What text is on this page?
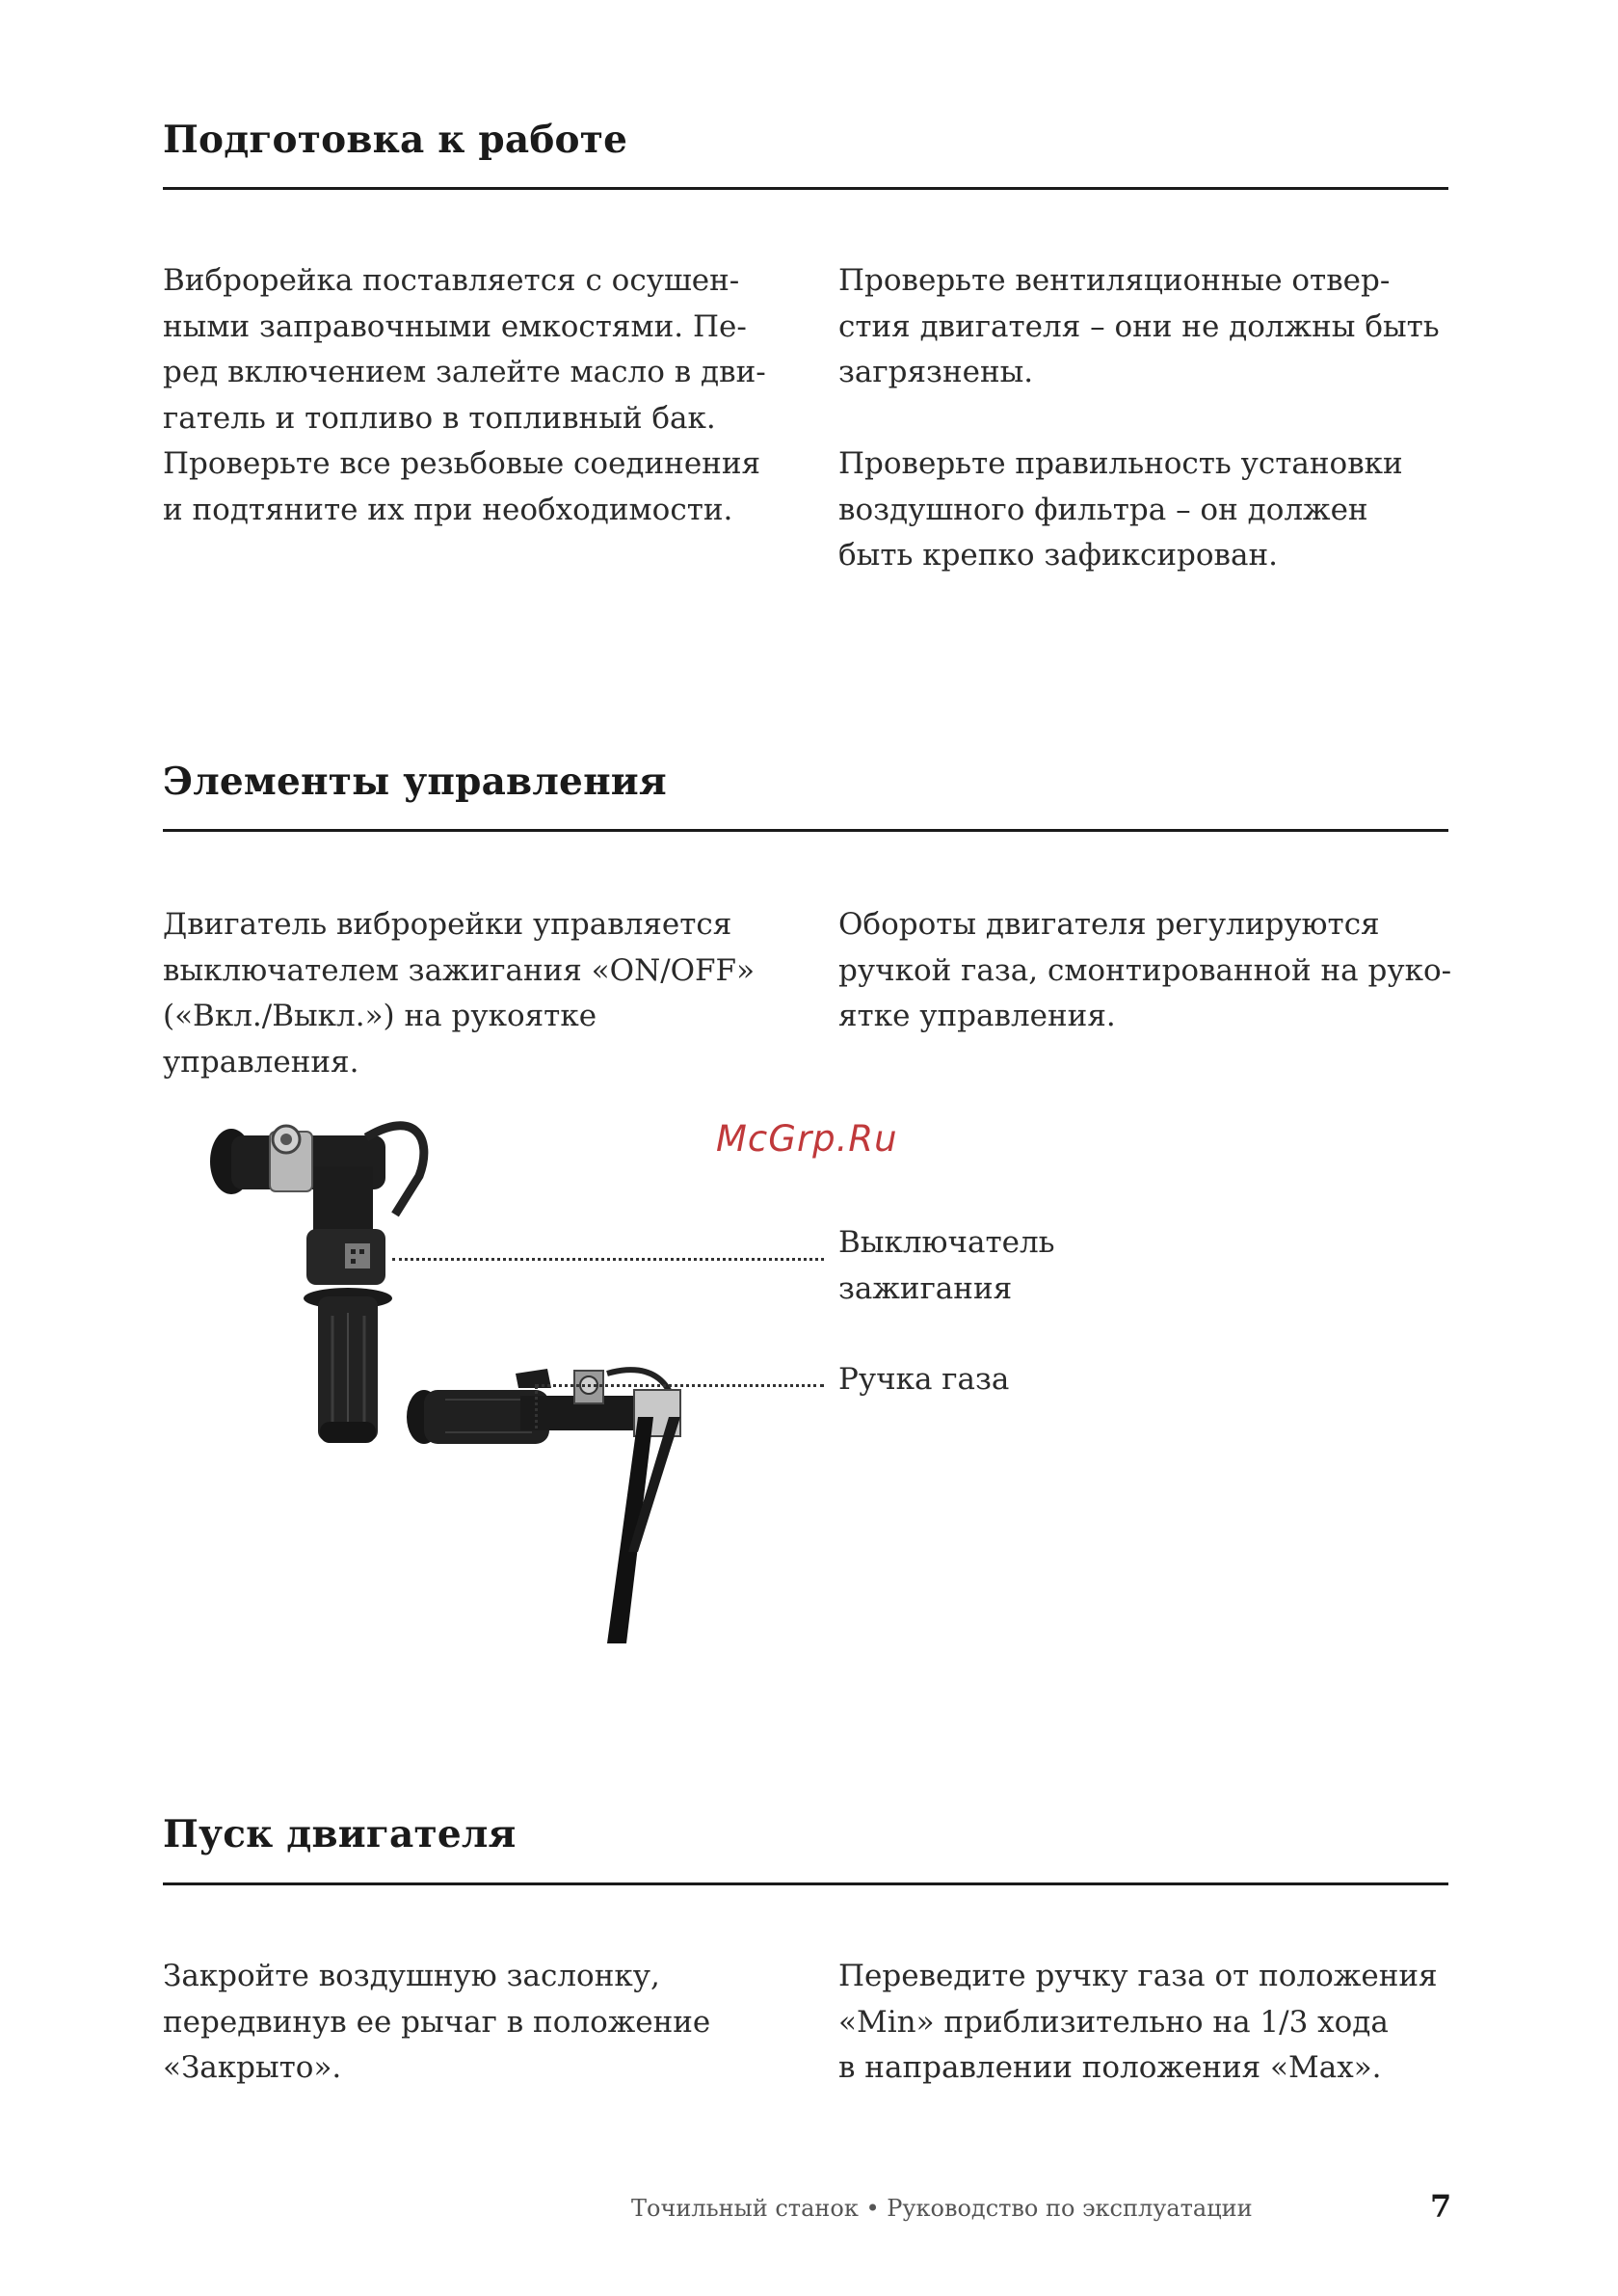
Подготовка к работе

Виброрейка поставляется с осушен-
ными заправочными емкостями. Пе-
ред включением залейте масло в дви-
гатель и топливо в топливный бак.
Проверьте все резьбовые соединения
и подтяните их при необходимости.

Проверьте вентиляционные отвер-
стия двигателя – они не должны быть
загрязнены.

Проверьте правильность установки
воздушного фильтра – он должен
быть крепко зафиксирован.

Элементы управления

Двигатель виброрейки управляется
выключателем зажигания «ON/OFF»
(«Вкл./Выкл.») на рукоятке управления.

Обороты двигателя регулируются
ручкой газа, смонтированной на руко-
ятке управления.

Выключатель
зажигания
Ручка газа
McGrp.Ru
Пуск двигателя

Закройте воздушную заслонку,
передвинув ее рычаг в положение
«Закрыто».

Переведите ручку газа от положения
«Min» приблизительно на 1/3 хода
в направлении положения «Max».

Точильный станок • Руководство по эксплуатации	7
